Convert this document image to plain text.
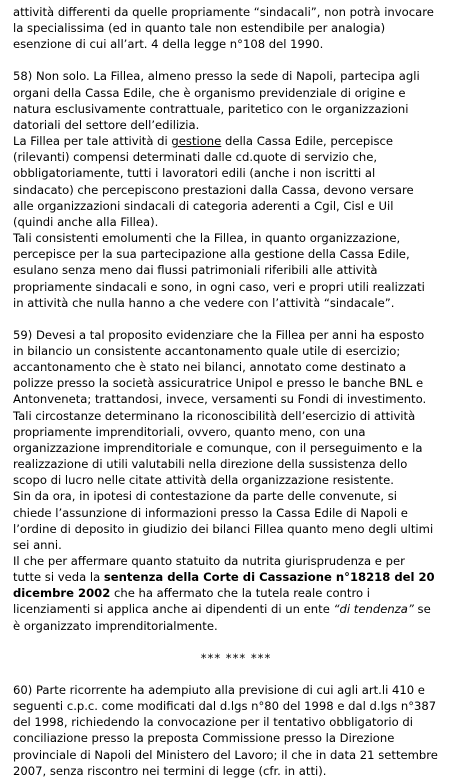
attività differenti da quelle propriamente “sindacali”, non potrà invocare
la specialissima (ed in quanto tale non estendibile per analogia)
esenzione di cui all’art. 4 della legge n°108 del 1990.
58) Non solo. La Fillea, almeno presso la sede di Napoli, partecipa agli
organi della Cassa Edile, che è organismo previdenziale di origine e
natura esclusivamente contrattuale, paritetico con le organizzazioni
datoriali del settore dell’edilizia.
La Fillea per tale attività di gestione della Cassa Edile, percepisce
(rilevanti) compensi determinati dalle cd.quote di servizio che,
obbligatoriamente, tutti i lavoratori edili (anche i non iscritti al
sindacato) che percepiscono prestazioni dalla Cassa, devono versare
alle organizzazioni sindacali di categoria aderenti a Cgil, Cisl e Uil
(quindi anche alla Fillea).
Tali consistenti emolumenti che la Fillea, in quanto organizzazione,
percepisce per la sua partecipazione alla gestione della Cassa Edile,
esulano senza meno dai flussi patrimoniali riferibili alle attività
propriamente sindacali e sono, in ogni caso, veri e propri utili realizzati
in attività che nulla hanno a che vedere con l’attività “sindacale”.
59) Devesi a tal proposito evidenziare che la Fillea per anni ha esposto
in bilancio un consistente accantonamento quale utile di esercizio;
accantonamento che è stato nei bilanci, annotato come destinato a
polizze presso la società assicuratrice Unipol e presso le banche BNL e
Antonveneta; trattandosi, invece, versamenti su Fondi di investimento.
Tali circostanze determinano la riconoscibilità dell’esercizio di attività
propriamente imprenditoriali, ovvero, quanto meno, con una
organizzazione imprenditoriale e comunque, con il perseguimento e la
realizzazione di utili valutabili nella direzione della sussistenza dello
scopo di lucro nelle citate attività della organizzazione resistente.
Sin da ora, in ipotesi di contestazione da parte delle convenute, si
chiede l’assunzione di informazioni presso la Cassa Edile di Napoli e
l’ordine di deposito in giudizio dei bilanci Fillea quanto meno degli ultimi
sei anni.
Il che per affermare quanto statuito da nutrita giurisprudenza e per
tutte si veda la sentenza della Corte di Cassazione n°18218 del 20
dicembre 2002 che ha affermato che la tutela reale contro i
licenziamenti si applica anche ai dipendenti di un ente “di tendenza” se
è organizzato imprenditorialmente.
*** *** ***
60) Parte ricorrente ha adempiuto alla previsione di cui agli art.li 410 e
seguenti c.p.c. come modificati dal d.lgs n°80 del 1998 e dal d.lgs n°387
del 1998, richiedendo la convocazione per il tentativo obbligatorio di
conciliazione presso la preposta Commissione presso la Direzione
provinciale di Napoli del Ministero del Lavoro; il che in data 21 settembre
2007, senza riscontro nei termini di legge (cfr. in atti).
